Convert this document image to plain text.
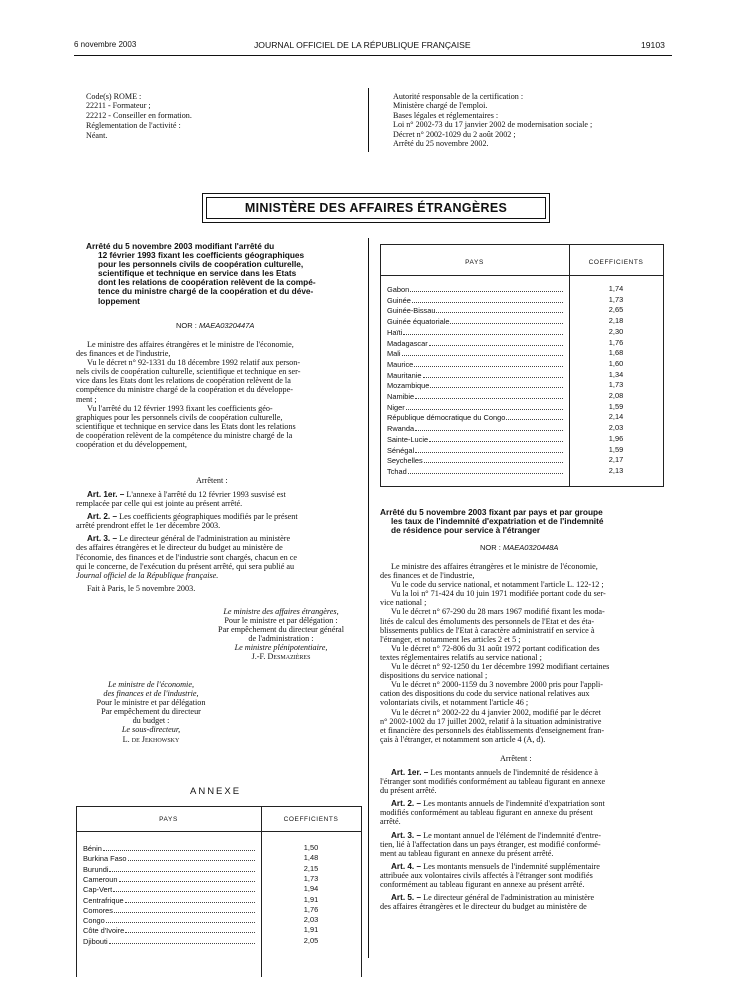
6 novembre 2003	JOURNAL OFFICIEL DE LA RÉPUBLIQUE FRANÇAISE	19103
Code(s) ROME :
22211 - Formateur ;
22212 - Conseiller en formation.
Réglementation de l'activité :
Néant.
Autorité responsable de la certification :
Ministère chargé de l'emploi.
Bases légales et réglementaires :
Loi n° 2002-73 du 17 janvier 2002 de modernisation sociale ;
Décret n° 2002-1029 du 2 août 2002 ;
Arrêté du 25 novembre 2002.
MINISTÈRE DES AFFAIRES ÉTRANGÈRES
Arrêté du 5 novembre 2003 modifiant l'arrêté du
12 février 1993 fixant les coefficients géographiques
pour les personnels civils de coopération culturelle,
scientifique et technique en service dans les Etats
dont les relations de coopération relèvent de la compé-
tence du ministre chargé de la coopération et du déve-
loppement
NOR : MAEA0320447A
Le ministre des affaires étrangères et le ministre de l'économie,
des finances et de l'industrie,
Vu le décret n° 92-1331 du 18 décembre 1992 relatif aux person-
nels civils de coopération culturelle, scientifique et technique en ser-
vice dans les Etats dont les relations de coopération relèvent de la
compétence du ministre chargé de la coopération et du développe-
ment ;
Vu l'arrêté du 12 février 1993 fixant les coefficients géo-
graphiques pour les personnels civils de coopération culturelle,
scientifique et technique en service dans les Etats dont les relations
de coopération relèvent de la compétence du ministre chargé de la
coopération et du développement,
Arrêtent :
Art. 1er. – L'annexe à l'arrêté du 12 février 1993 susvisé est
remplacée par celle qui est jointe au présent arrêté.
Art. 2. – Les coefficients géographiques modifiés par le présent
arrêté prendront effet le 1er décembre 2003.
Art. 3. – Le directeur général de l'administration au ministère
des affaires étrangères et le directeur du budget au ministère de
l'économie, des finances et de l'industrie sont chargés, chacun en ce
qui le concerne, de l'exécution du présent arrêté, qui sera publié au
Journal officiel de la République française.
Fait à Paris, le 5 novembre 2003.
Le ministre des affaires étrangères,
Pour le ministre et par délégation :
Par empêchement du directeur général
de l'administration :
Le ministre plénipotentiaire,
J.-F. Desmazières
Le ministre de l'économie,
des finances et de l'industrie,
Pour le ministre et par délégation
Par empêchement du directeur
du budget :
Le sous-directeur,
L. de Jekhowsky
ANNEXE
PAYS	COEFFICIENTS
Bénin	1,50
Burkina Faso	1,48
Burundi	2,15
Cameroun	1,73
Cap-Vert	1,94
Centrafrique	1,91
Comores	1,76
Congo	2,03
Côte d'Ivoire	1,91
Djibouti	2,05
PAYS	COEFFICIENTS
Gabon	1,74
Guinée	1,73
Guinée-Bissau	2,65
Guinée équatoriale	2,18
Haïti	2,30
Madagascar	1,76
Mali	1,68
Maurice	1,60
Mauritanie	1,34
Mozambique	1,73
Namibie	2,08
Niger	1,59
République démocratique du Congo	2,14
Rwanda	2,03
Sainte-Lucie	1,96
Sénégal	1,59
Seychelles	2,17
Tchad	2,13
Arrêté du 5 novembre 2003 fixant par pays et par groupe
les taux de l'indemnité d'expatriation et de l'indemnité
de résidence pour service à l'étranger
NOR : MAEA0320448A
Le ministre des affaires étrangères et le ministre de l'économie,
des finances et de l'industrie,
Vu le code du service national, et notamment l'article L. 122-12 ;
Vu la loi n° 71-424 du 10 juin 1971 modifiée portant code du ser-
vice national ;
Vu le décret n° 67-290 du 28 mars 1967 modifié fixant les moda-
lités de calcul des émoluments des personnels de l'Etat et des éta-
blissements publics de l'Etat à caractère administratif en service à
l'étranger, et notamment les articles 2 et 5 ;
Vu le décret n° 72-806 du 31 août 1972 portant codification des
textes réglementaires relatifs au service national ;
Vu le décret n° 92-1250 du 1er décembre 1992 modifiant certaines
dispositions du service national ;
Vu le décret n° 2000-1159 du 3 novembre 2000 pris pour l'appli-
cation des dispositions du code du service national relatives aux
volontariats civils, et notamment l'article 46 ;
Vu le décret n° 2002-22 du 4 janvier 2002, modifié par le décret
n° 2002-1002 du 17 juillet 2002, relatif à la situation administrative
et financière des personnels des établissements d'enseignement fran-
çais à l'étranger, et notamment son article 4 (A, d).
Arrêtent :
Art. 1er. – Les montants annuels de l'indemnité de résidence à
l'étranger sont modifiés conformément au tableau figurant en annexe
du présent arrêté.
Art. 2. – Les montants annuels de l'indemnité d'expatriation sont
modifiés conformément au tableau figurant en annexe du présent
arrêté.
Art. 3. – Le montant annuel de l'élément de l'indemnité d'entre-
tien, lié à l'affectation dans un pays étranger, est modifié conformé-
ment au tableau figurant en annexe du présent arrêté.
Art. 4. – Les montants mensuels de l'indemnité supplémentaire
attribuée aux volontaires civils affectés à l'étranger sont modifiés
conformément au tableau figurant en annexe au présent arrêté.
Art. 5. – Le directeur général de l'administration au ministère
des affaires étrangères et le directeur du budget au ministère de
